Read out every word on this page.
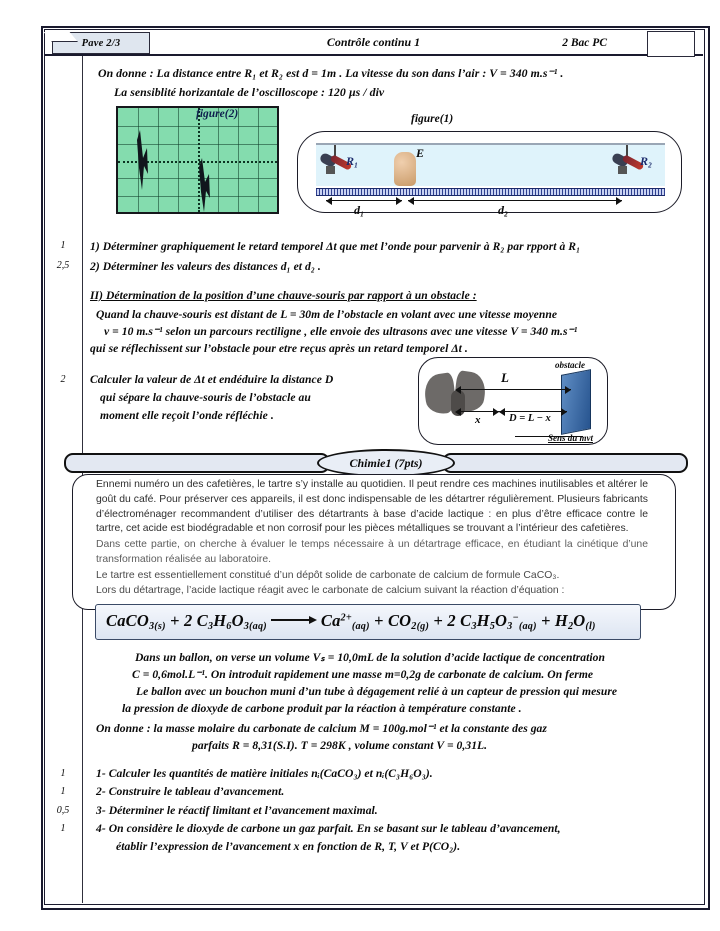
Contrôle continu 1
Pave 2/3	2 Bac PC
On donne : La distance entre R₁ et R₂ est d = 1m . La vitesse du son dans l’air : V = 340 m.s⁻¹ .
La sensiblité horizantale de l’oscilloscope : 120 µs / div
figure(2)	figure(1)
R₁
E
R₂
d₁	d₂
1	1) Déterminer graphiquement le retard temporel Δt que met l’onde pour parvenir à R₂ par rpport à R₁
2,5	2) Déterminer les valeurs des distances d₁ et d₂ .
II) Détermination de la position d’une chauve-souris par rapport à un obstacle :
Quand la chauve-souris est distant de L = 30m de l’obstacle en volant avec une vitesse moyenne
v = 10 m.s⁻¹ selon un parcours rectiligne , elle envoie des ultrasons avec une vitesse V = 340 m.s⁻¹
qui se réflechissent sur l’obstacle pour etre reçus après un retard temporel Δt .
2	Calculer la valeur de Δt et endéduire la distance D
qui sépare la chauve-souris de l’obstacle au
moment elle reçoit l’onde réfléchie .
obstacle
L
x	D = L − x
Sens du mvt
Chimie1 (7pts)

Ennemi numéro un des cafetières, le tartre s’y installe au quotidien. Il peut rendre ces machines inutilisables et altérer le goût du café. Pour préserver ces appareils, il est donc indispensable de les détartrer régulièrement. Plusieurs fabricants d’électroménager recommandent d’utiliser des détartrants à base d’acide lactique : en plus d’être efficace contre le tartre, cet acide est biodégradable et non corrosif pour les pièces métalliques se trouvant a l’intérieur des cafetières.

Dans cette partie, on cherche à évaluer le temps nécessaire à un détartrage efficace, en étudiant la cinétique d’une transformation réalisée au laboratoire.

Le tartre est essentiellement constitué d’un dépôt solide de carbonate de calcium de formule CaCO₃.

Lors du détartrage, l’acide lactique réagit avec le carbonate de calcium suivant la réaction d’équation :

CaCO$_{3(s)}$ + 2 $C_3H_6O_{3(aq)}$	$Ca^{2+}_{(aq)} + CO_{2(g)} + 2$ $C_3H_5O_3^-_{(aq)} + H_2O_{(l)}$
Dans un ballon, on verse un volume Vₛ = 10,0mL de la solution d’acide lactique de concentration
C = 0,6mol.L⁻¹. On introduit rapidement une masse m=0,2g de carbonate de calcium. On ferme
Le ballon avec un bouchon muni d’un tube à dégagement relié à un capteur de pression qui mesure
la pression de dioxyde de carbone produit par la réaction à température constante .
On donne : la masse molaire du carbonate de calcium M = 100g.mol⁻¹ et la constante des gaz
parfaits R = 8,31(S.I). T = 298K , volume constant V = 0,31L.
1	1- Calculer les quantités de matière initiales nᵢ(CaCO₃) et nᵢ(C₃H₆O₃).
1	2- Construire le tableau d’avancement.
0,5	3- Déterminer le réactif limitant et l’avancement maximal.
1	4- On considère le dioxyde de carbone un gaz parfait. En se basant sur le tableau d’avancement,
établir l’expression de l’avancement x en fonction de R, T, V et P(CO₂).
